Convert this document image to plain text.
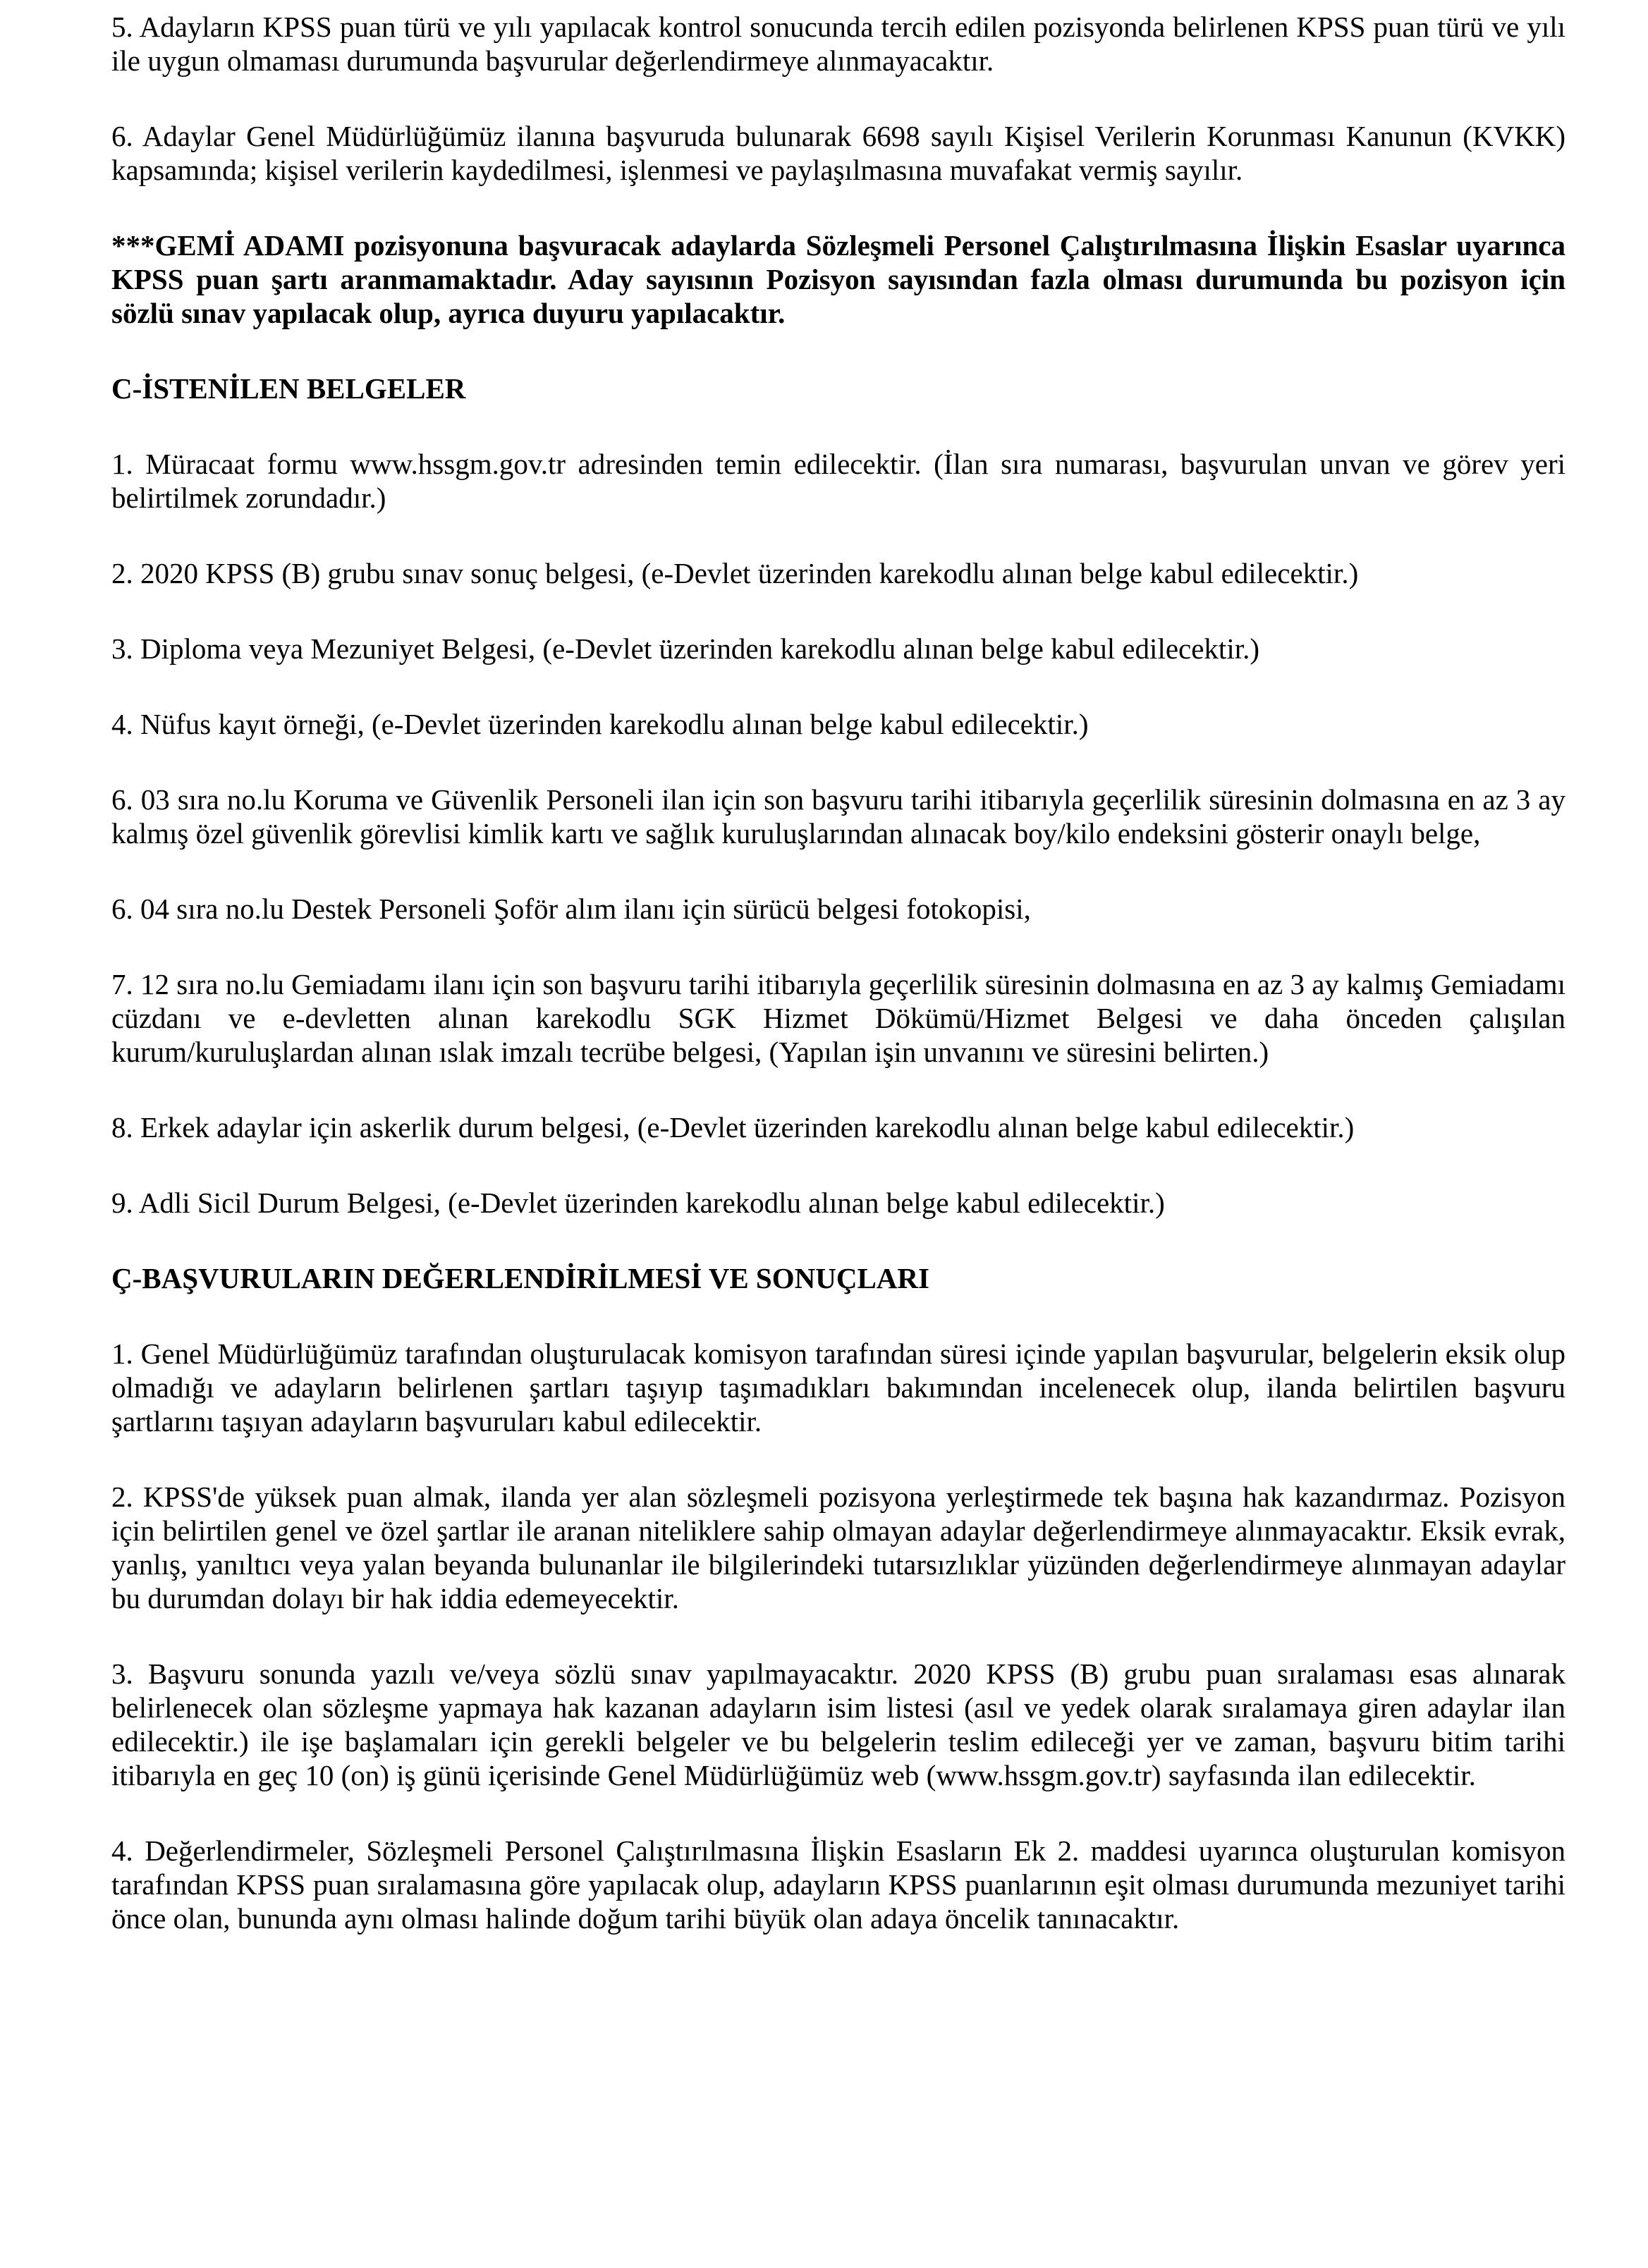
5. Adayların KPSS puan türü ve yılı yapılacak kontrol sonucunda tercih edilen pozisyonda belirlenen KPSS puan türü ve yılı ile uygun olmaması durumunda başvurular değerlendirmeye alınmayacaktır.

6. Adaylar Genel Müdürlüğümüz ilanına başvuruda bulunarak 6698 sayılı Kişisel Verilerin Korunması Kanunun (KVKK) kapsamında; kişisel verilerin kaydedilmesi, işlenmesi ve paylaşılmasına muvafakat vermiş sayılır.

***GEMİ ADAMI pozisyonuna başvuracak adaylarda Sözleşmeli Personel Çalıştırılmasına İlişkin Esaslar uyarınca KPSS puan şartı aranmamaktadır. Aday sayısının Pozisyon sayısından fazla olması durumunda bu pozisyon için sözlü sınav yapılacak olup, ayrıca duyuru yapılacaktır.

C-İSTENİLEN BELGELER

1. Müracaat formu www.hssgm.gov.tr adresinden temin edilecektir. (İlan sıra numarası, başvurulan unvan ve görev yeri belirtilmek zorundadır.)

2. 2020 KPSS (B) grubu sınav sonuç belgesi, (e-Devlet üzerinden karekodlu alınan belge kabul edilecektir.)

3. Diploma veya Mezuniyet Belgesi, (e-Devlet üzerinden karekodlu alınan belge kabul edilecektir.)

4. Nüfus kayıt örneği, (e-Devlet üzerinden karekodlu alınan belge kabul edilecektir.)

6. 03 sıra no.lu Koruma ve Güvenlik Personeli ilan için son başvuru tarihi itibarıyla geçerlilik süresinin dolmasına en az 3 ay kalmış özel güvenlik görevlisi kimlik kartı ve sağlık kuruluşlarından alınacak boy/kilo endeksini gösterir onaylı belge,

6. 04 sıra no.lu Destek Personeli Şoför alım ilanı için sürücü belgesi fotokopisi,

7. 12 sıra no.lu Gemiadamı ilanı için son başvuru tarihi itibarıyla geçerlilik süresinin dolmasına en az 3 ay kalmış Gemiadamı cüzdanı ve e-devletten alınan karekodlu SGK Hizmet Dökümü/Hizmet Belgesi ve daha önceden çalışılan kurum/kuruluşlardan alınan ıslak imzalı tecrübe belgesi, (Yapılan işin unvanını ve süresini belirten.)

8. Erkek adaylar için askerlik durum belgesi, (e-Devlet üzerinden karekodlu alınan belge kabul edilecektir.)

9. Adli Sicil Durum Belgesi, (e-Devlet üzerinden karekodlu alınan belge kabul edilecektir.)

Ç-BAŞVURULARIN DEĞERLENDİRİLMESİ VE SONUÇLARI

1. Genel Müdürlüğümüz tarafından oluşturulacak komisyon tarafından süresi içinde yapılan başvurular, belgelerin eksik olup olmadığı ve adayların belirlenen şartları taşıyıp taşımadıkları bakımından incelenecek olup, ilanda belirtilen başvuru şartlarını taşıyan adayların başvuruları kabul edilecektir.

2. KPSS'de yüksek puan almak, ilanda yer alan sözleşmeli pozisyona yerleştirmede tek başına hak kazandırmaz. Pozisyon için belirtilen genel ve özel şartlar ile aranan niteliklere sahip olmayan adaylar değerlendirmeye alınmayacaktır. Eksik evrak, yanlış, yanıltıcı veya yalan beyanda bulunanlar ile bilgilerindeki tutarsızlıklar yüzünden değerlendirmeye alınmayan adaylar bu durumdan dolayı bir hak iddia edemeyecektir.

3. Başvuru sonunda yazılı ve/veya sözlü sınav yapılmayacaktır. 2020 KPSS (B) grubu puan sıralaması esas alınarak belirlenecek olan sözleşme yapmaya hak kazanan adayların isim listesi (asıl ve yedek olarak sıralamaya giren adaylar ilan edilecektir.) ile işe başlamaları için gerekli belgeler ve bu belgelerin teslim edileceği yer ve zaman, başvuru bitim tarihi itibarıyla en geç 10 (on) iş günü içerisinde Genel Müdürlüğümüz web (www.hssgm.gov.tr) sayfasında ilan edilecektir.

4. Değerlendirmeler, Sözleşmeli Personel Çalıştırılmasına İlişkin Esasların Ek 2. maddesi uyarınca oluşturulan komisyon tarafından KPSS puan sıralamasına göre yapılacak olup, adayların KPSS puanlarının eşit olması durumunda mezuniyet tarihi önce olan, bununda aynı olması halinde doğum tarihi büyük olan adaya öncelik tanınacaktır.
